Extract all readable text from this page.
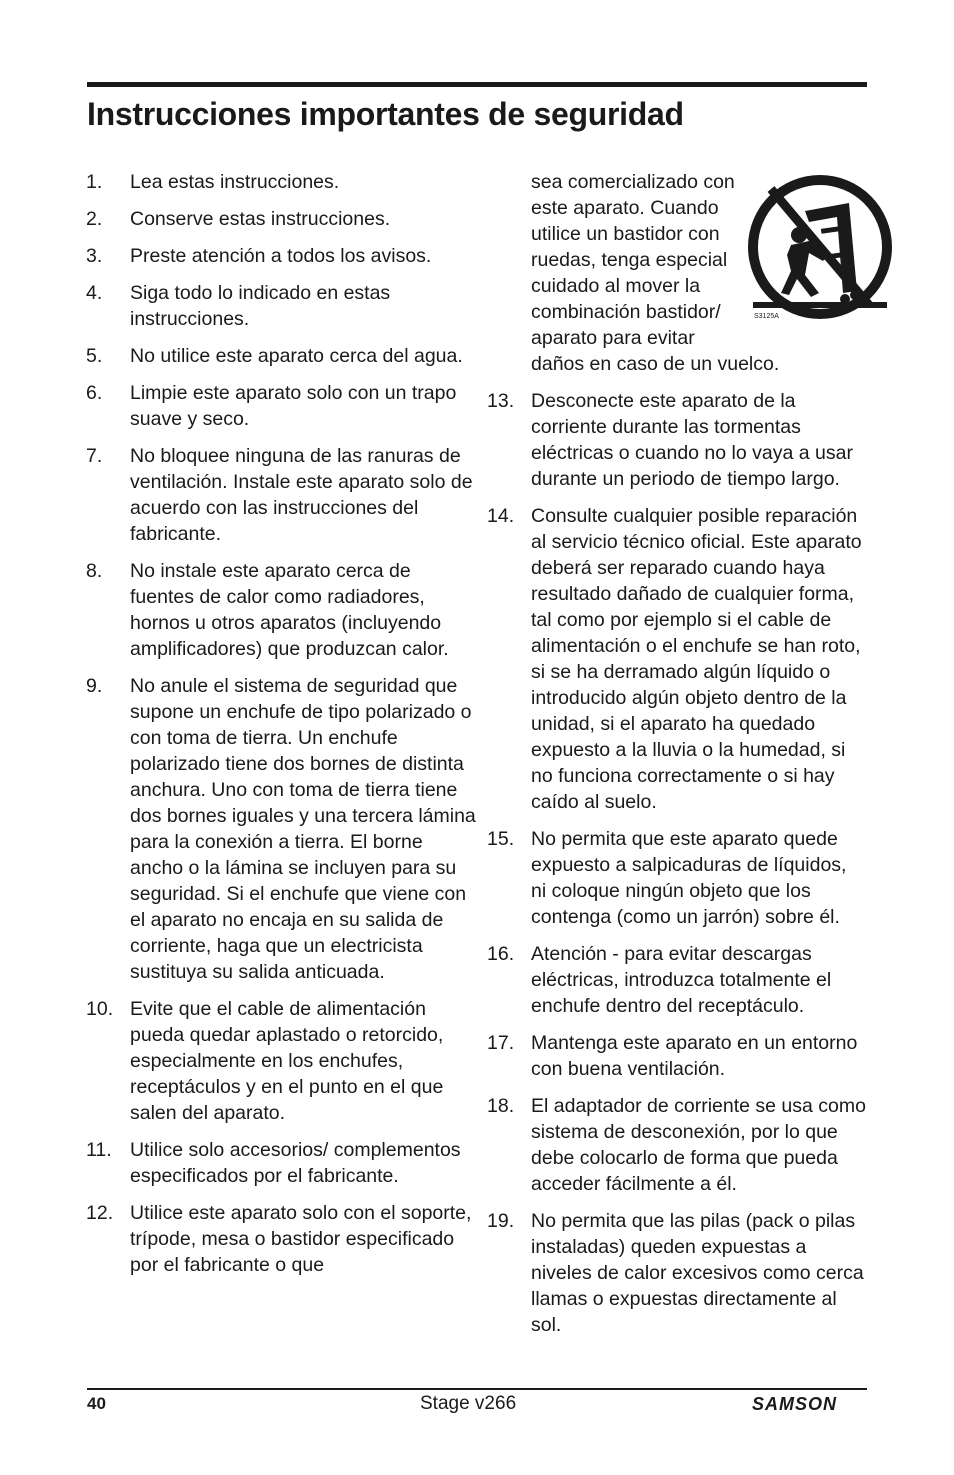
Instrucciones importantes de seguridad
1.	Lea estas instrucciones.
2.	Conserve estas instrucciones.
3.	Preste atención a todos los avisos.
4.	Siga todo lo indicado en estas instrucciones.
5.	No utilice este aparato cerca del agua.
6.	Limpie este aparato solo con un trapo suave y seco.
7.	No bloquee ninguna de las ranuras de ventilación. Instale este aparato solo de acuerdo con las instrucciones del fabricante.
8.	No instale este aparato cerca de fuentes de calor como radiadores, hornos u otros aparatos (incluyendo amplificadores) que produzcan calor.
9.	No anule el sistema de seguridad que supone un enchufe de tipo polarizado o con toma de tierra. Un enchufe polarizado tiene dos bornes de distinta anchura. Uno con toma de tierra tiene dos bornes iguales y una tercera lámina para la conexión a tierra. El borne ancho o la lámina se incluyen para su seguridad. Si el enchufe que viene con el aparato no encaja en su salida de corriente, haga que un electricista sustituya su salida anticuada.
10. Evite que el cable de alimentación pueda quedar aplastado o retorcido, especialmente en los enchufes, receptáculos y en el punto en el que salen del aparato.
11. Utilice solo accesorios/ complementos especificados por el fabricante.
12. Utilice este aparato solo con el soporte, trípode, mesa o bastidor especificado por el fabricante o que
sea comercializado con
este aparato. Cuando
utilice un bastidor con
ruedas, tenga especial
cuidado al mover la
combinación bastidor/
aparato para evitar
daños en caso de un vuelco.
13. Desconecte este aparato de la corriente durante las tormentas eléctricas o cuando no lo vaya a usar durante un periodo de tiempo largo.
14. Consulte cualquier posible reparación al servicio técnico oficial. Este aparato deberá ser reparado cuando haya resultado dañado de cualquier forma, tal como por ejemplo si el cable de alimentación o el enchufe se han roto, si se ha derramado algún líquido o introducido algún objeto dentro de la unidad, si el aparato ha quedado expuesto a la lluvia o la humedad, si no funciona correctamente o si hay caído al suelo.
15. No permita que este aparato quede expuesto a salpicaduras de líquidos, ni coloque ningún objeto que los contenga (como un jarrón) sobre él.
16. Atención - para evitar descargas eléctricas, introduzca totalmente el enchufe dentro del receptáculo.
17. Mantenga este aparato en un entorno con buena ventilación.
18. El adaptador de corriente se usa como sistema de desconexión, por lo que debe colocarlo de forma que pueda acceder fácilmente a él.
19. No permita que las pilas (pack o pilas instaladas) queden expuestas a niveles de calor excesivos como cerca llamas o expuestas directamente al sol.
S3125A
40	Stage v266	SAMSON
